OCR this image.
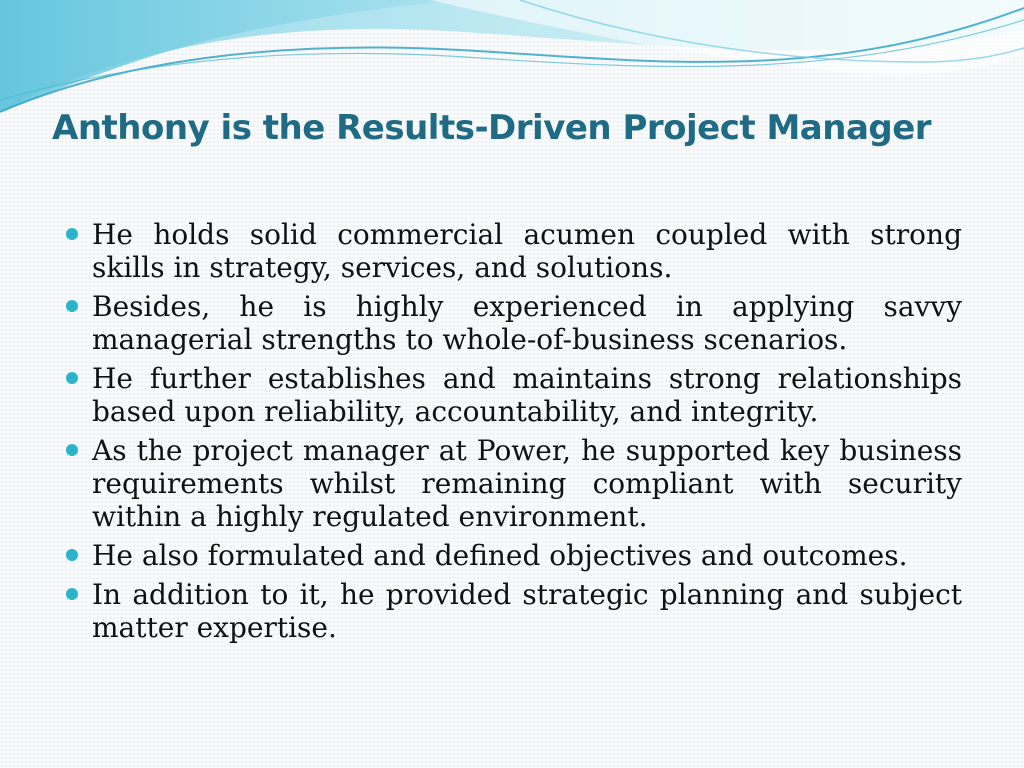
Anthony is the Results-Driven Project Manager
He holds solid commercial acumen coupled with strong skills in strategy, services, and solutions.
Besides, he is highly experienced in applying savvy managerial strengths to whole-of-business scenarios.
He further establishes and maintains strong relationships based upon reliability, accountability, and integrity.
As the project manager at Power, he supported key business requirements whilst remaining compliant with security within a highly regulated environment.
He also formulated and defined objectives and outcomes.
In addition to it, he provided strategic planning and subject matter expertise.
